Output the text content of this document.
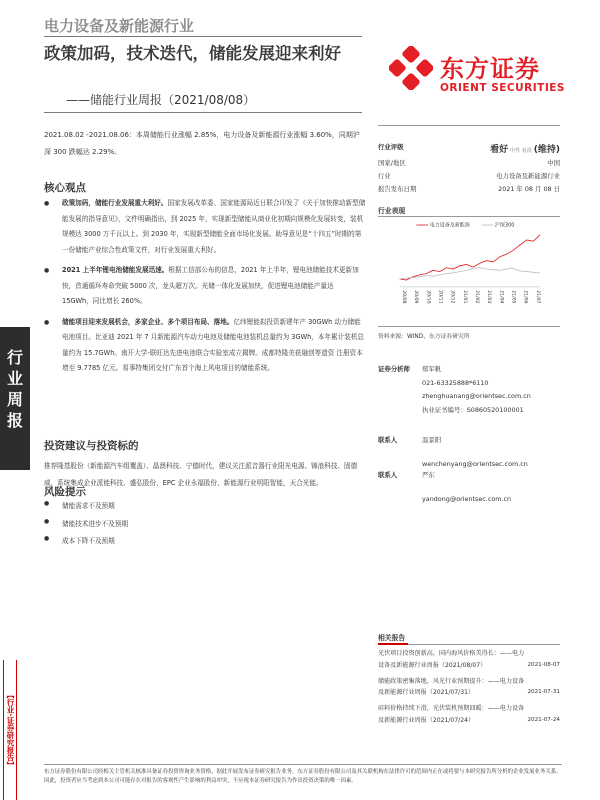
电力设备及新能源行业
政策加码，技术迭代，储能发展迎来利好
——储能行业周报（2021/08/08）
东方证券
ORIENT SECURITIES
2021.08.02 -2021.08.06：本周储能行业涨幅 2.85%，电力设备及新能源行业涨幅 3.60%，同期沪深 300 跌幅达 2.29%。
核心观点
● 政策加码，储能行业发展重大利好。国家发展改革委、国家能源局近日联合印发了《关于加快推动新型储能发展的指导意见》，文件明确指出，到 2025 年，实现新型储能从商业化初期向规模化发展转变，装机规模达 3000 万千瓦以上。到 2030 年，实现新型储能全面市场化发展。助导意见是“十四五”时期的第一份储能产业综合性政策文件，对行业发展重大利好。
● 2021 上半年锂电池储能发展迅速。根据工信部公布的信息，2021 年上半年，锂电池储能技术更新加快，首通循环寿命突破 5000 次，龙头超万次。光储一体化发展加快，促进锂电池储能产量达 15GWh，同比增长 260%。
● 储能项目迎来发展机会，多家企业、多个项目布局、落地。亿纬锂能拟投资新建年产 30GWh 动力储能电池项目。比亚迪 2021 年 7 月新能源汽车动力电池及储能电池装机总量约为 3GWh，本年累计装机总量约为 15.7GWh。南开大学-联旺达先进电池联合实验室成立揭牌。成都特隆美获融创等遗资 注册资本增至 9.7785 亿元。易事特集团交付广东首个海上风电项目的储能系统。
投资建议与投资标的
推荐隆基股份（新能源汽车组覆盖）、晶澳科技、宁德时代，建议关注派音器行业阳光电源、锦浪科技、固德威，系统集成企业派能科技、盛弘股份，EPC 企业永福股份，新能源行业明阳智能，天合光能。
风险提示
● 储能需求不及预期
● 储能技术进步不及预期
● 成本下降不及预期
行
业
周
报
【行业·证券研究报告】
行业评级	看好 中性 看淡 (维持)
国家/地区	中国
行业	电力设备及新能源行业
报告发布日期	2021 年 08 月 08 日
行业表现
电力设备及新能源	沪深300
20/08 20/09 20/10 20/11 20/12 21/01 21/02 21/03 21/04 21/05 21/06 21/07
资料来源：WIND、东方证券研究所
证券分析师 郑军帆
021-63325888*6110
zhenghuanang@orientsec.com.cn
执业证书编号：S0860520100001
联系人	温景阳
wenchenyang@orientsec.com.cn
联系人	严东
yandong@orientsec.com.cn
相关报告
光伏项目投资创新高，国内海风价格美得长：——电力设备及新能源行业周报（2021/08/07）	2021-08-07
储能政策密集落地，风光行业预期提升：——电力设备及新能源行业周报（2021/07/31）	2021-07-31
硅料价格持续下滑，光伏装机预期回暖：——电力设备及新能源行业周报（2021/07/24）	2021-07-24
东方证券股份有限公司经相关主管机关核准具备证券投资咨询业务资格，据此开展发布证券研究报告业务。东方证券股份有限公司及其关联机构在法律许可的范围内正在或将要与本研究报告所分析的企业发展业务关系。因此，投资者应当考虑到本公司可能存在对报告的客观性产生影响的利益冲突，不应视本证券研究报告为作出投资决策的唯一因素。
